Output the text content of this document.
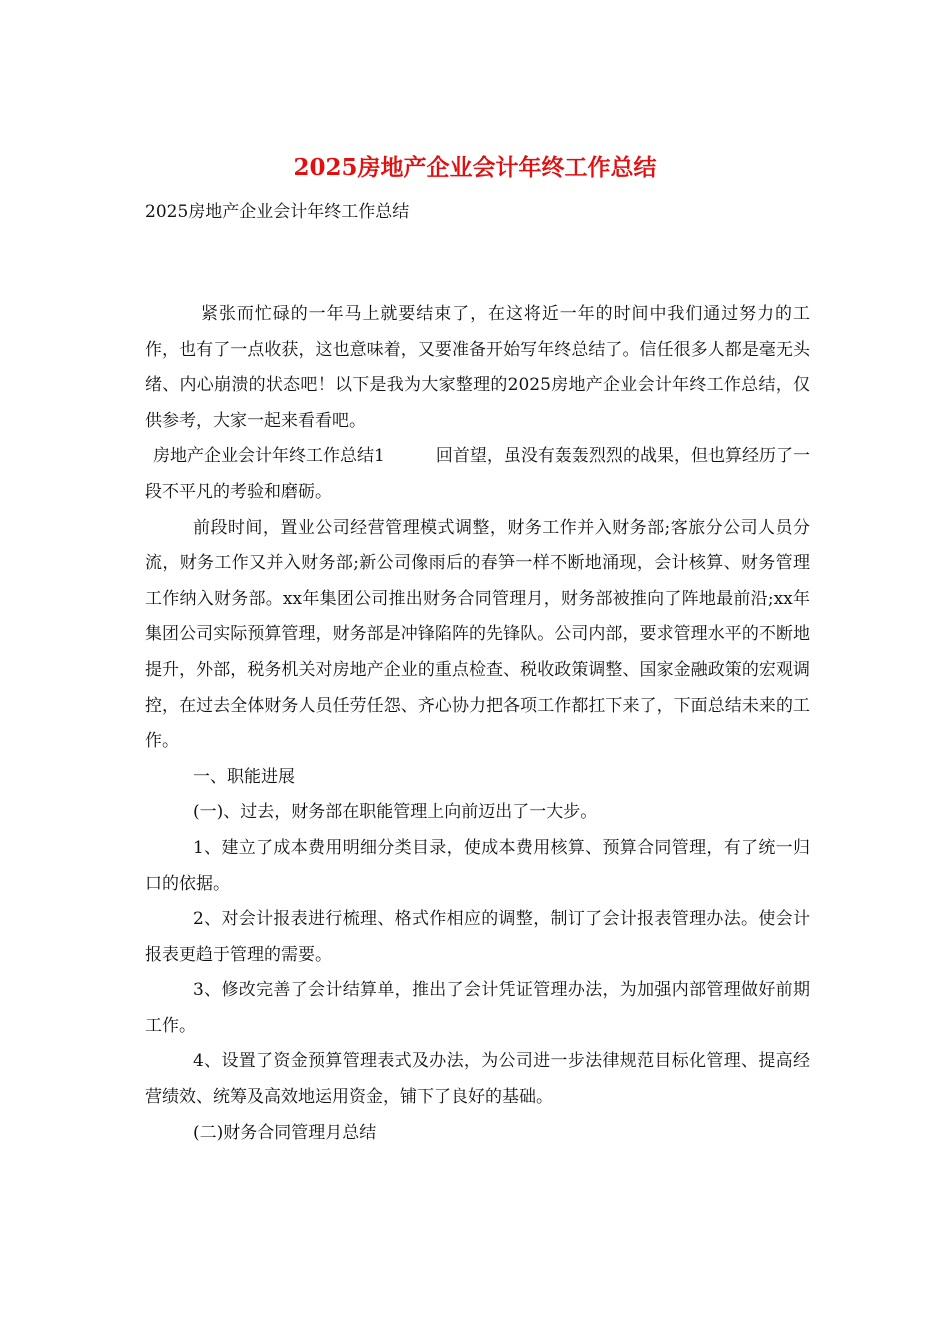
2025房地产企业会计年终工作总结

2025房地产企业会计年终工作总结

紧张而忙碌的一年马上就要结束了，在这将近一年的时间中我们通过努力的工作，也有了一点收获，这也意味着，又要准备开始写年终总结了。信任很多人都是毫无头绪、内心崩溃的状态吧！以下是我为大家整理的2025房地产企业会计年终工作总结，仅供参考，大家一起来看看吧。

房地产企业会计年终工作总结1　　　回首望，虽没有轰轰烈烈的战果，但也算经历了一段不平凡的考验和磨砺。

前段时间，置业公司经营管理模式调整，财务工作并入财务部;客旅分公司人员分流，财务工作又并入财务部;新公司像雨后的春笋一样不断地涌现，会计核算、财务管理工作纳入财务部。xx年集团公司推出财务合同管理月，财务部被推向了阵地最前沿;xx年集团公司实际预算管理，财务部是冲锋陷阵的先锋队。公司内部，要求管理水平的不断地提升，外部，税务机关对房地产企业的重点检查、税收政策调整、国家金融政策的宏观调控，在过去全体财务人员任劳任怨、齐心协力把各项工作都扛下来了，下面总结未来的工作。

一、职能进展

(一)、过去，财务部在职能管理上向前迈出了一大步。

1、建立了成本费用明细分类目录，使成本费用核算、预算合同管理，有了统一归口的依据。

2、对会计报表进行梳理、格式作相应的调整，制订了会计报表管理办法。使会计报表更趋于管理的需要。

3、修改完善了会计结算单，推出了会计凭证管理办法，为加强内部管理做好前期工作。

4、设置了资金预算管理表式及办法，为公司进一步法律规范目标化管理、提高经营绩效、统筹及高效地运用资金，铺下了良好的基础。

(二)财务合同管理月总结
